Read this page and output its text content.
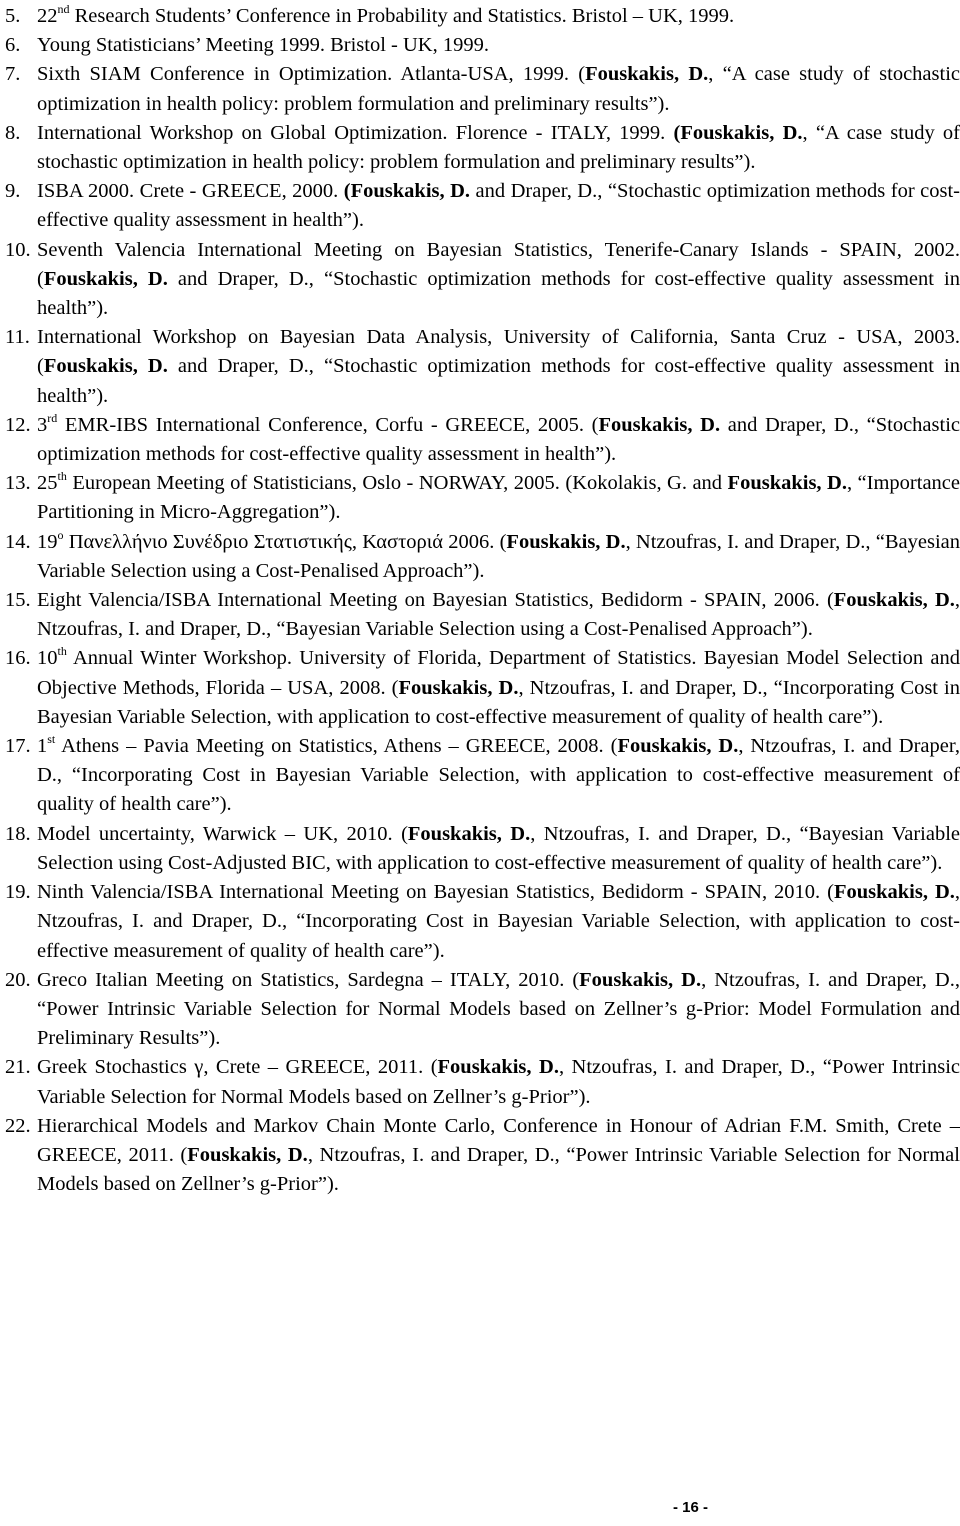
5. 22nd Research Students’ Conference in Probability and Statistics. Bristol – UK, 1999.
6. Young Statisticians’ Meeting 1999. Bristol - UK, 1999.
7. Sixth SIAM Conference in Optimization. Atlanta-USA, 1999. (Fouskakis, D., “A case study of stochastic optimization in health policy: problem formulation and preliminary results”).
8. International Workshop on Global Optimization. Florence - ITALY, 1999. (Fouskakis, D., “A case study of stochastic optimization in health policy: problem formulation and preliminary results”).
9. ISBA 2000. Crete - GREECE, 2000. (Fouskakis, D. and Draper, D., “Stochastic optimization methods for cost-effective quality assessment in health”).
10. Seventh Valencia International Meeting on Bayesian Statistics, Tenerife-Canary Islands - SPAIN, 2002. (Fouskakis, D. and Draper, D., “Stochastic optimization methods for cost-effective quality assessment in health”).
11. International Workshop on Bayesian Data Analysis, University of California, Santa Cruz - USA, 2003. (Fouskakis, D. and Draper, D., “Stochastic optimization methods for cost-effective quality assessment in health”).
12. 3rd EMR-IBS International Conference, Corfu - GREECE, 2005. (Fouskakis, D. and Draper, D., “Stochastic optimization methods for cost-effective quality assessment in health”).
13. 25th European Meeting of Statisticians, Oslo - NORWAY, 2005. (Kokolakis, G. and Fouskakis, D., “Importance Partitioning in Micro-Aggregation”).
14. 19$^o$ Πανελλήνιο Συνέδριο Στατιστικής, Καστοριά 2006. (Fouskakis, D., Ntzoufras, I. and Draper, D., “Bayesian Variable Selection using a Cost-Penalised Approach”).
15. Eight Valencia/ISBA International Meeting on Bayesian Statistics, Bedidorm - SPAIN, 2006. (Fouskakis, D., Ntzoufras, I. and Draper, D., “Bayesian Variable Selection using a Cost-Penalised Approach”).
16. 10th Annual Winter Workshop. University of Florida, Department of Statistics. Bayesian Model Selection and Objective Methods, Florida – USA, 2008. (Fouskakis, D., Ntzoufras, I. and Draper, D., “Incorporating Cost in Bayesian Variable Selection, with application to cost-effective measurement of quality of health care”).
17. 1st Athens – Pavia Meeting on Statistics, Athens – GREECE, 2008. (Fouskakis, D., Ntzoufras, I. and Draper, D., “Incorporating Cost in Bayesian Variable Selection, with application to cost-effective measurement of quality of health care”).
18. Model uncertainty, Warwick – UK, 2010. (Fouskakis, D., Ntzoufras, I. and Draper, D., “Bayesian Variable Selection using Cost-Adjusted BIC, with application to cost-effective measurement of quality of health care”).
19. Ninth Valencia/ISBA International Meeting on Bayesian Statistics, Bedidorm - SPAIN, 2010. (Fouskakis, D., Ntzoufras, I. and Draper, D., “Incorporating Cost in Bayesian Variable Selection, with application to cost-effective measurement of quality of health care”).
20. Greco Italian Meeting on Statistics, Sardegna – ITALY, 2010. (Fouskakis, D., Ntzoufras, I. and Draper, D., “Power Intrinsic Variable Selection for Normal Models based on Zellner’s g-Prior: Model Formulation and Preliminary Results”).
21. Greek Stochastics γ, Crete – GREECE, 2011. (Fouskakis, D., Ntzoufras, I. and Draper, D., “Power Intrinsic Variable Selection for Normal Models based on Zellner’s g-Prior”).
22. Hierarchical Models and Markov Chain Monte Carlo, Conference in Honour of Adrian F.M. Smith, Crete – GREECE, 2011. (Fouskakis, D., Ntzoufras, I. and Draper, D., “Power Intrinsic Variable Selection for Normal Models based on Zellner’s g-Prior”).
- 16 -
